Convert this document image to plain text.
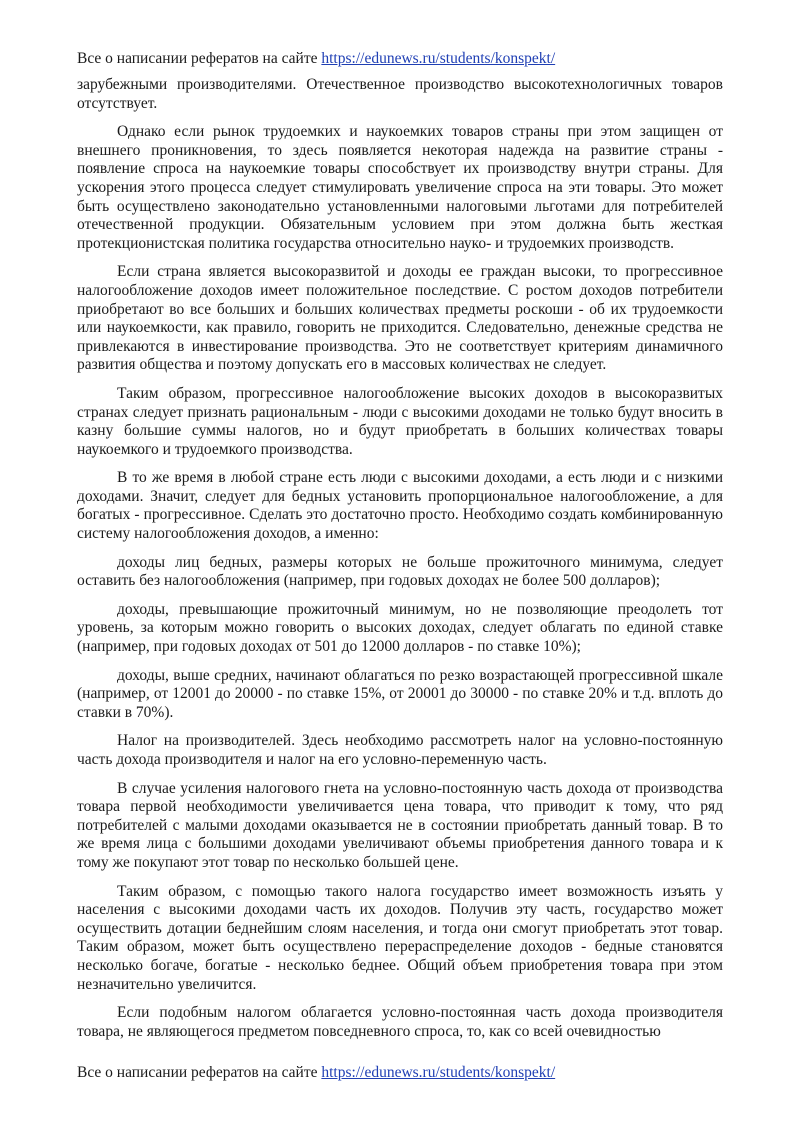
Все о написании рефератов на сайте https://edunews.ru/students/konspekt/

зарубежными производителями. Отечественное производство высокотехнологичных товаров отсутствует.

Однако если рынок трудоемких и наукоемких товаров страны при этом защищен от внешнего проникновения, то здесь появляется некоторая надежда на развитие страны - появление спроса на наукоемкие товары способствует их производству внутри страны. Для ускорения этого процесса следует стимулировать увеличение спроса на эти товары. Это может быть осуществлено законодательно установленными налоговыми льготами для потребителей отечественной продукции. Обязательным условием при этом должна быть жесткая протекционистская политика государства относительно науко- и трудоемких производств.

Если страна является высокоразвитой и доходы ее граждан высоки, то прогрессивное налогообложение доходов имеет положительное последствие. С ростом доходов потребители приобретают во все больших и больших количествах предметы роскоши - об их трудоемкости или наукоемкости, как правило, говорить не приходится. Следовательно, денежные средства не привлекаются в инвестирование производства. Это не соответствует критериям динамичного развития общества и поэтому допускать его в массовых количествах не следует.

Таким образом, прогрессивное налогообложение высоких доходов в высокоразвитых странах следует признать рациональным - люди с высокими доходами не только будут вносить в казну большие суммы налогов, но и будут приобретать в больших количествах товары наукоемкого и трудоемкого производства.

В то же время в любой стране есть люди с высокими доходами, а есть люди и с низкими доходами. Значит, следует для бедных установить пропорциональное налогообложение, а для богатых - прогрессивное. Сделать это достаточно просто. Необходимо создать комбинированную систему налогообложения доходов, а именно:

доходы лиц бедных, размеры которых не больше прожиточного минимума, следует оставить без налогообложения (например, при годовых доходах не более 500 долларов);

доходы, превышающие прожиточный минимум, но не позволяющие преодолеть тот уровень, за которым можно говорить о высоких доходах, следует облагать по единой ставке (например, при годовых доходах от 501 до 12000 долларов - по ставке 10%);

доходы, выше средних, начинают облагаться по резко возрастающей прогрессивной шкале (например, от 12001 до 20000 - по ставке 15%, от 20001 до 30000 - по ставке 20% и т.д. вплоть до ставки в 70%).

Налог на производителей. Здесь необходимо рассмотреть налог на условно-постоянную часть дохода производителя и налог на его условно-переменную часть.

В случае усиления налогового гнета на условно-постоянную часть дохода от производства товара первой необходимости увеличивается цена товара, что приводит к тому, что ряд потребителей с малыми доходами оказывается не в состоянии приобретать данный товар. В то же время лица с большими доходами увеличивают объемы приобретения данного товара и к тому же покупают этот товар по несколько большей цене.

Таким образом, с помощью такого налога государство имеет возможность изъять у населения с высокими доходами часть их доходов. Получив эту часть, государство может осуществить дотации беднейшим слоям населения, и тогда они смогут приобретать этот товар. Таким образом, может быть осуществлено перераспределение доходов - бедные становятся несколько богаче, богатые - несколько беднее. Общий объем приобретения товара при этом незначительно увеличится.

Если подобным налогом облагается условно-постоянная часть дохода производителя товара, не являющегося предметом повседневного спроса, то, как со всей очевидностью

Все о написании рефератов на сайте https://edunews.ru/students/konspekt/
